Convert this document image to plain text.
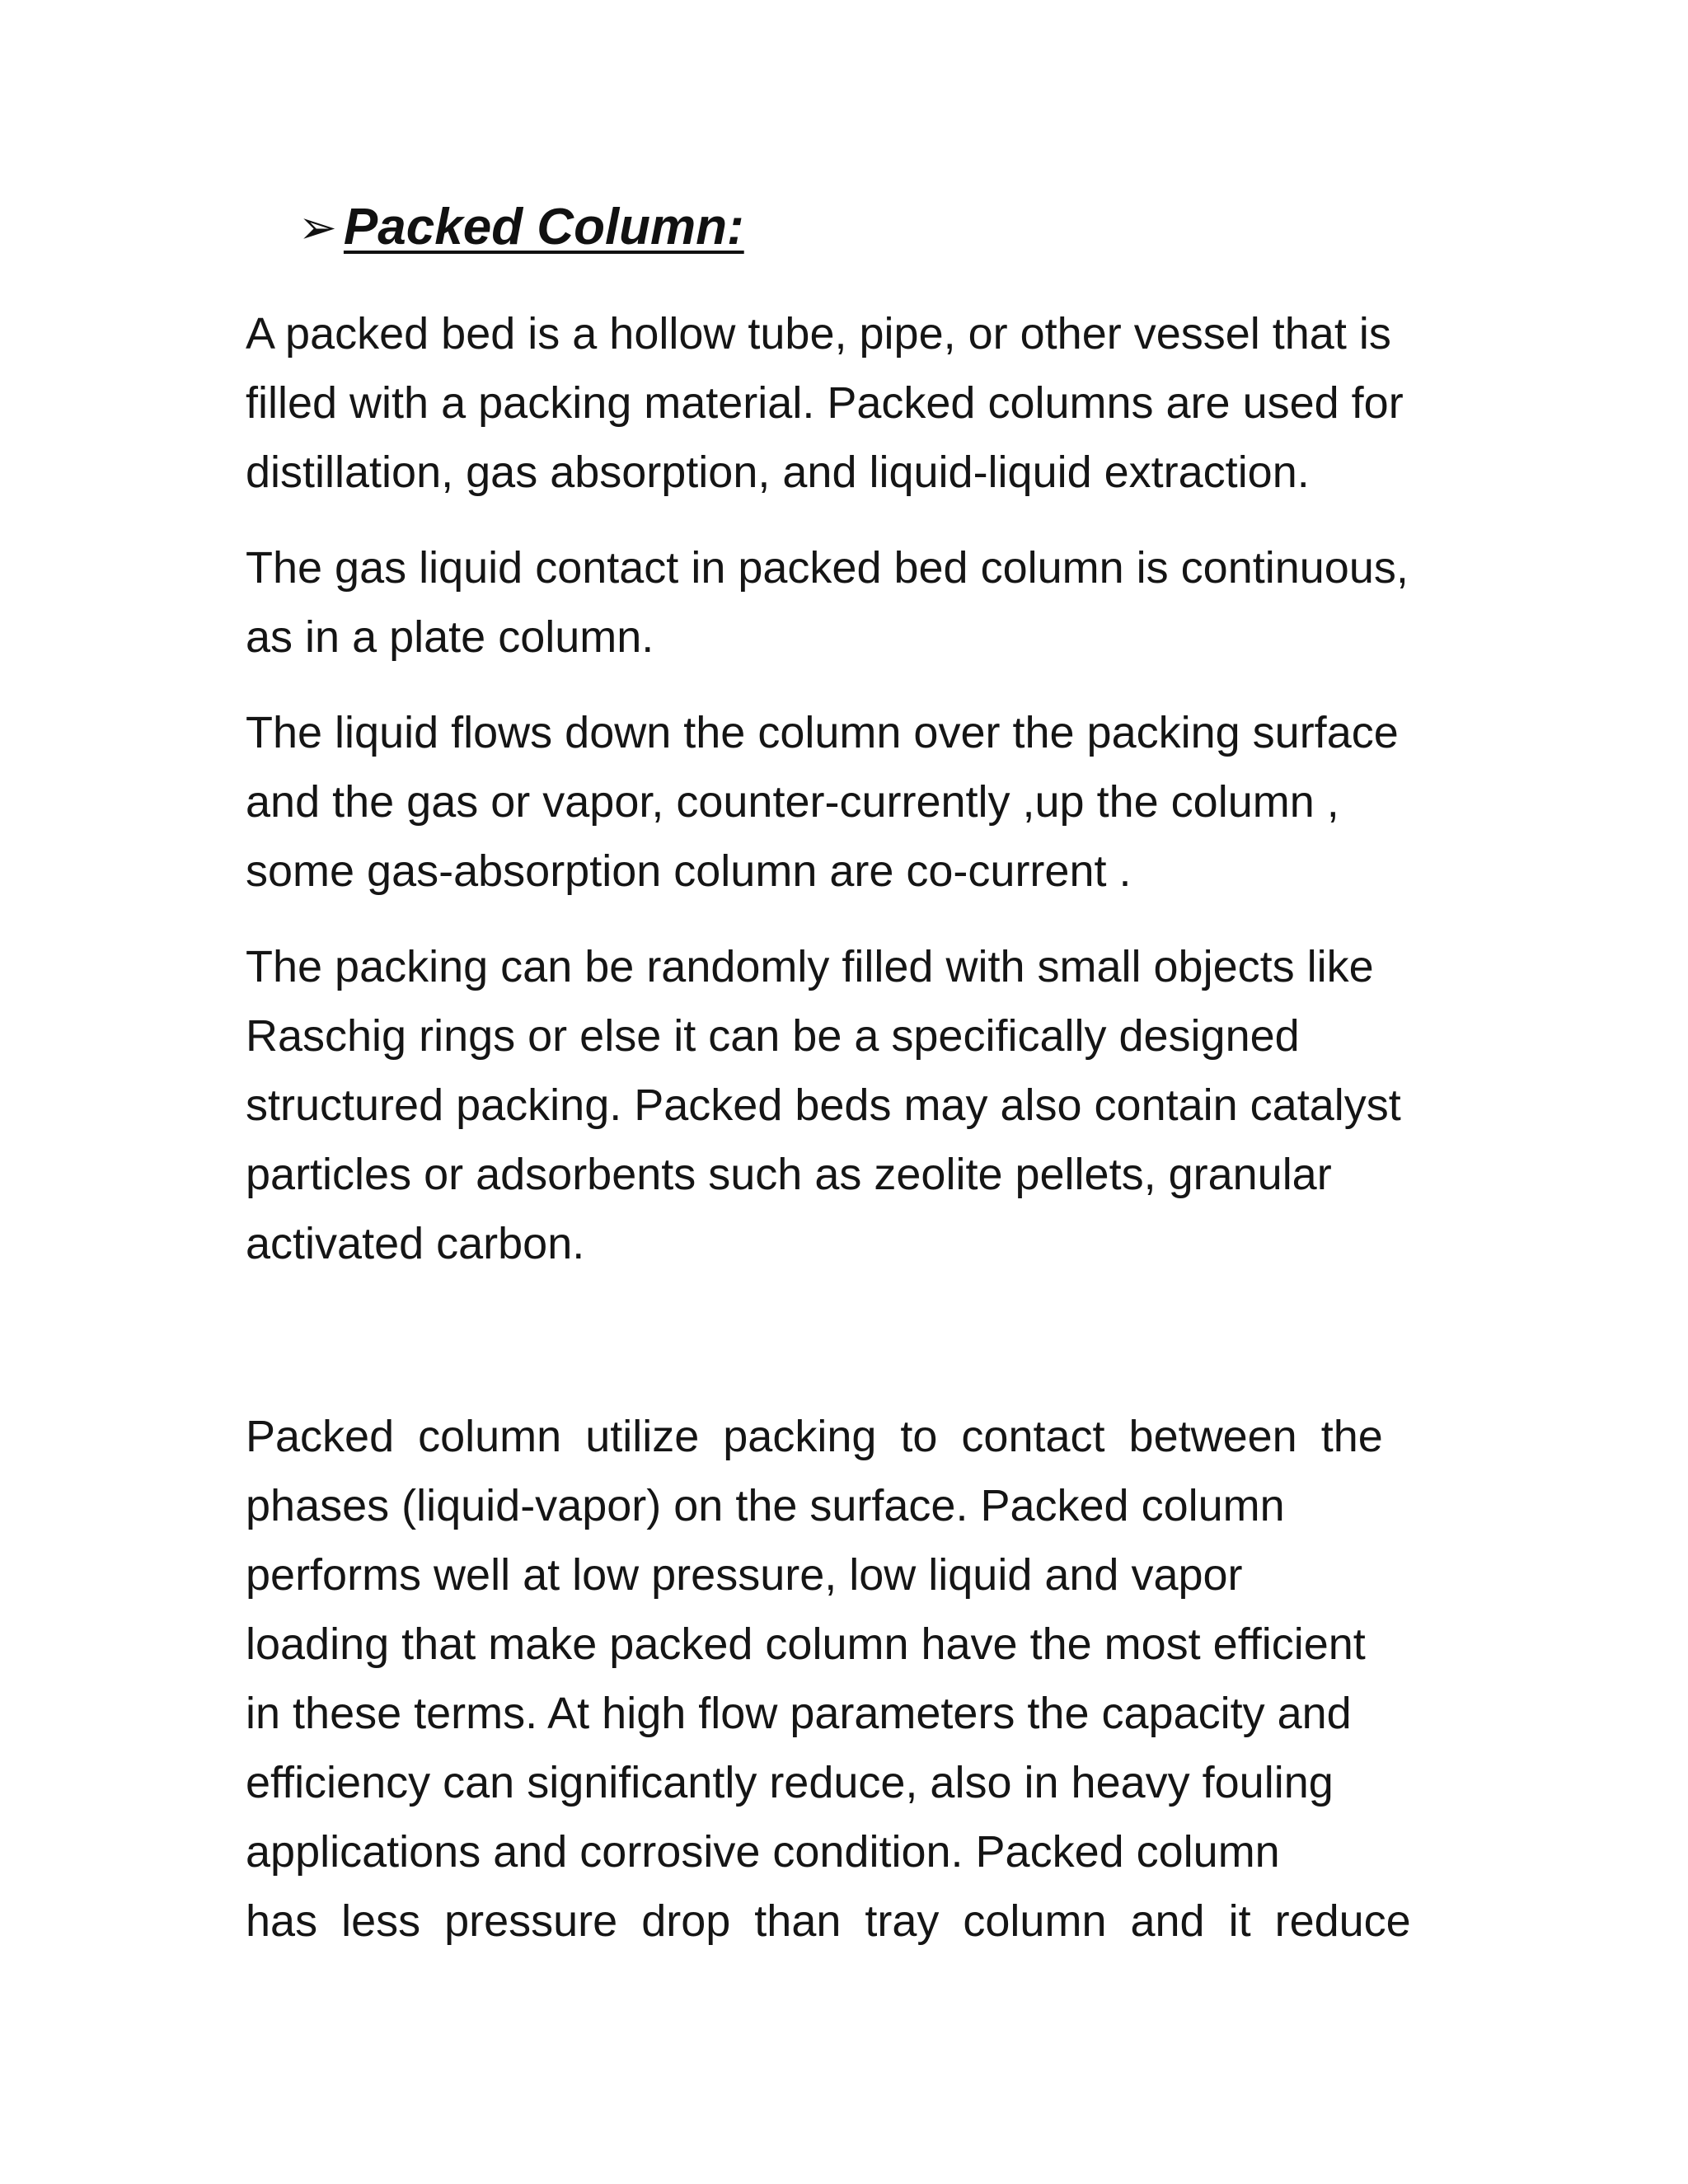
➢ Packed Column:
A packed bed is a hollow tube, pipe, or other vessel that is
filled with a packing material. Packed columns are used for
distillation, gas absorption, and liquid-liquid extraction.
The gas liquid contact in packed bed column is continuous,
as in a plate column.
The liquid flows down the column over the packing surface
and the gas or vapor, counter-currently ,up the column ,
some gas-absorption column are co-current .
The packing can be randomly filled with small objects like
Raschig rings or else it can be a specifically designed
structured packing. Packed beds may also contain catalyst
particles or adsorbents such as zeolite pellets, granular
activated carbon.
Packed column utilize packing to contact between the
phases (liquid-vapor) on the surface. Packed column
performs well at low pressure, low liquid and vapor
loading that make packed column have the most efficient
in these terms. At high flow parameters the capacity and
efficiency can significantly reduce, also in heavy fouling
applications and corrosive condition. Packed column
has less pressure drop than tray column and it reduce
